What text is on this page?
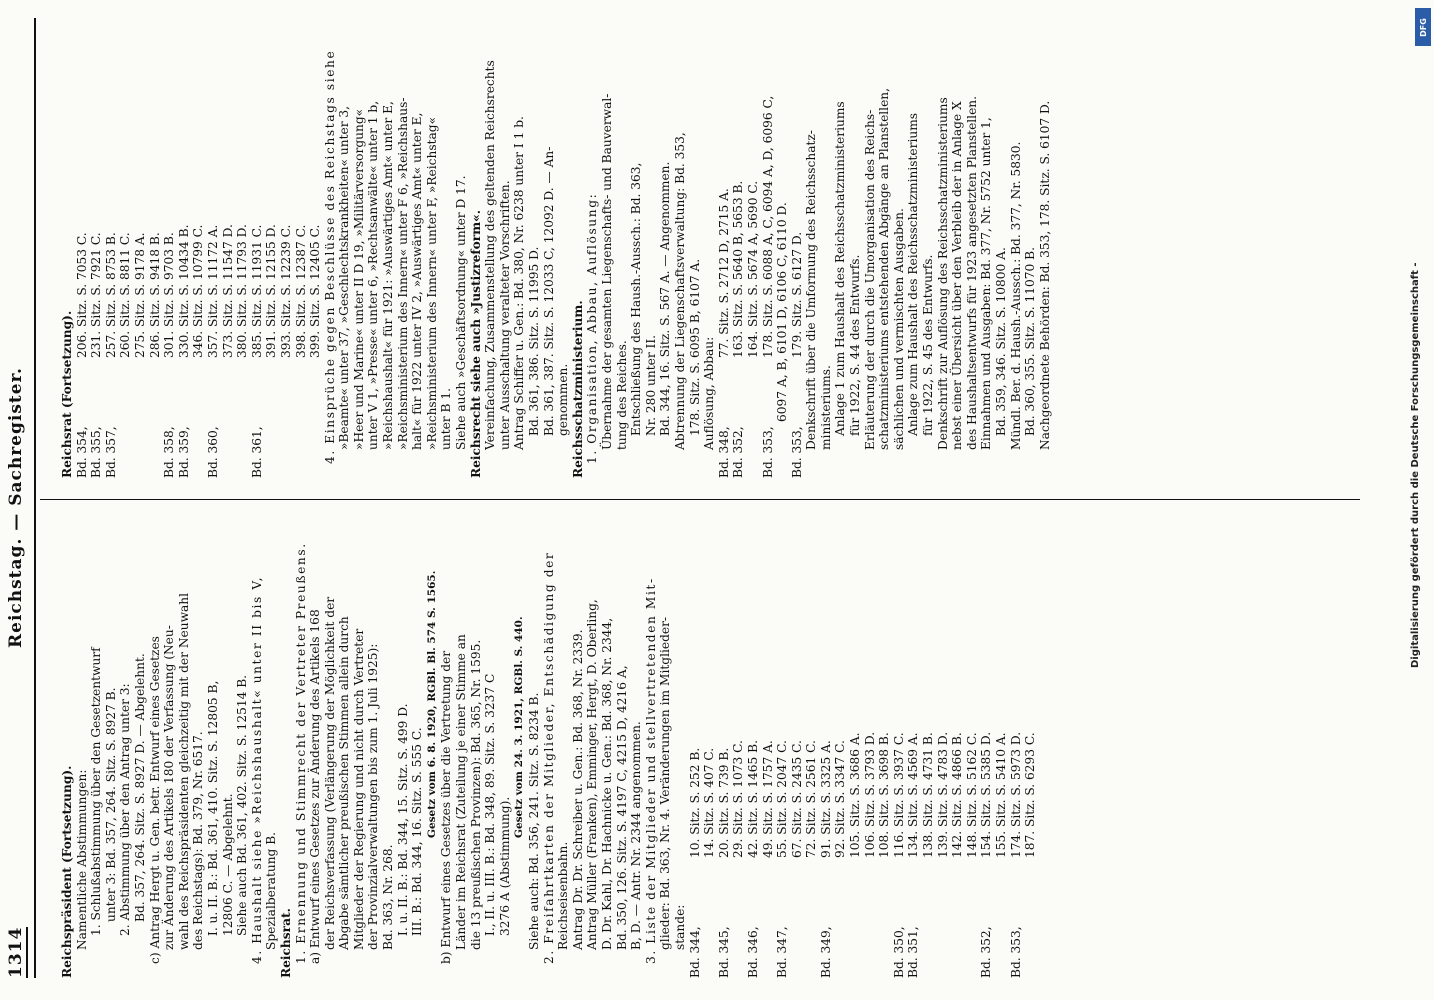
1314
Reichstag. — Sachregister.
Reichspräsident (Fortsetzung). Namentliche Abstimmungen: 1. Schlußabstimmung über den Gesetzentwurf unter 3: Bd. 357, 264. Sitz. S. 8927 B. 2. Abstimmung über den Antrag unter 3: Bd. 357, 264. Sitz. S. 8927 D. — Abgelehnt. c) Antrag Hergt u. Gen. betr. Entwurf eines Gesetzes zur Änderung des Artikels 180 der Verfassung (Neu- wahl des Reichspräsidenten gleichzeitig mit der Neuwahl des Reichstags): Bd. 379, Nr. 6517. I. u. II. B.: Bd. 361, 410. Sitz. S. 12805 B, 12806 C. — Abgelehnt. Siehe auch Bd. 361, 402. Sitz. S. 12514 B. 4. Haushalt siehe »Reichshaushalt« unter II bis V, Spezialberatung B. Reichsrat. 1. Ernennung und Stimmrecht der Vertreter Preußens. a) Entwurf eines Gesetzes zur Änderung des Artikels 168 der Reichsverfassung (Verlängerung der Möglichkeit der Abgabe sämtlicher preußischen Stimmen allein durch Mitglieder der Regierung und nicht durch Vertreter der Provinzialverwaltungen bis zum 1. Juli 1925): Bd. 363, Nr. 268. I. u. II. B.: Bd. 344, 15. Sitz. S. 499 D. III. B.: Bd. 344, 16. Sitz. S. 555 C. Gesetz vom 6. 8. 1920, RGBl. Bl. 574 S. 1565. b) Entwurf eines Gesetzes über die Vertretung der Länder im Reichsrat (Zuteilung je einer Stimme an die 13 preußischen Provinzen): Bd. 365, Nr. 1595. I., II. u. III. B.: Bd. 348, 89. Sitz. S. 3237 C 3276 A (Abstimmung).
Gesetz vom 24. 3. 1921, RGBl. S. 440. Siehe auch: Bd. 356, 241. Sitz. S. 8234 B. 2. Freifahrtkarten der Mitglieder, Entschädigung der Reichseisenbahn. Antrag Dr. Dr. Schreiber u. Gen.: Bd. 368, Nr. 2339. Antrag Müller (Franken), Emminger, Hergt, D. Oberling, D. Dr. Kahl, Dr. Hachnicke u. Gen.: Bd. 368, Nr. 2344, Bd. 350, 126. Sitz. S. 4197 C, 4215 D, 4216 A, B, D. — Antr. Nr. 2344 angenommen. 3. Liste der Mitglieder und stellvertretenden Mit- glieder: Bd. 363, Nr. 4. Veränderungen im Mitglieder- stande: Bd. 344,
10. Sitz. S. 252 B. 14. Sitz. S. 407 C.
Bd. 345,
20. Sitz. S. 739 B. 29. Sitz. S. 1073 C.
Bd. 346,
42. Sitz. S. 1465 B. 49. Sitz. S. 1757 A.
Bd. 347,
55. Sitz. S. 2047 C. 67. Sitz. S. 2435 C. 72. Sitz. S. 2561 C.
Bd. 349,
91. Sitz. S. 3325 A. 92. Sitz. S. 3347 C. 105. Sitz. S. 3686 A. 106. Sitz. S. 3793 D. 108. Sitz. S. 3698 B.
Bd. 350,
116. Sitz. S. 3937 C.
Bd. 351,
134. Sitz. S. 4569 A. 138. Sitz. S. 4731 B. 139. Sitz. S. 4783 D. 142. Sitz. S. 4866 B. 148. Sitz. S. 5162 C.
Bd. 352,
154. Sitz. S. 5385 D. 155. Sitz. S. 5410 A.
Bd. 353,
174. Sitz. S. 5973 D. 187. Sitz. S. 6293 C.
Reichsrat (Fortsetzung). Bd. 354,
206. Sitz. S. 7053 C.
Bd. 355,
231. Sitz. S. 7921 C.
Bd. 357,
257. Sitz. S. 8753 B. 260. Sitz. S. 8811 C. 275. Sitz. S. 9178 A. 286. Sitz. S. 9418 B.
Bd. 358,
301. Sitz. S. 9703 B.
Bd. 359,
330. Sitz. S. 10434 B. 346. Sitz. S. 10799 C.
Bd. 360,
357. Sitz. S. 11172 A. 373. Sitz. S. 11547 D. 380. Sitz. S. 11793 D.
Bd. 361,
385. Sitz. S. 11931 C. 391. Sitz. S. 12155 D. 393. Sitz. S. 12239 C. 398. Sitz. S. 12387 C. 399. Sitz. S. 12405 C. 4. Einsprüche gegen Beschlüsse des Reichstags siehe »Beamte« unter 37, »Geschlechtskrankheiten« unter 3, »Heer und Marine« unter II D 19, »Militärversorgung« unter V 1, »Presse« unter 6, »Rechtsanwälte« unter 1 b, »Reichshaushalt« für 1921: »Auswärtiges Amt« unter E, »Reichsministerium des Innern« unter F 6, »Reichshaus- halt« für 1922 unter IV 2, »Auswärtiges Amt« unter E, »Reichsministerium des Innern« unter F, »Reichstag« unter B 1. Siehe auch »Geschäftsordnung« unter D 17. Reichsrecht siehe auch »Justizreform«. Vereinfachung, Zusammenstellung des geltenden Reichsrechts unter Ausschaltung veralteter Vorschriften. Antrag Schiffer u. Gen.: Bd. 380, Nr. 6238 unter I 1 b. Bd. 361, 386. Sitz. S. 11995 D. Bd. 361, 387. Sitz. S. 12033 C, 12092 D. — An- genommen. Reichsschatzministerium. 1. Organisation, Abbau, Auflösung: Übernahme der gesamten Liegenschafts- und Bauverwal- tung des Reiches. Entschließung des Haush.-Aussch.: Bd. 363, Nr. 280 unter II. Bd. 344, 16. Sitz. S. 567 A. — Angenommen. Abtrennung der Liegenschaftsverwaltung: Bd. 353, 178. Sitz. S. 6095 B, 6107 A. Auflösung, Abbau:
Bd. 348,
77. Sitz. S. 2712 D, 2715 A.
Bd. 352,
163. Sitz. S. 5640 B, 5653 B. 164. Sitz. S. 5674 A, 5690 C.
Bd. 353,
178. Sitz. S. 6088 A, C, 6094 A, D, 6096 C, 6097 A, B, 6101 D, 6106 C, 6110 D.
Bd. 353,
179. Sitz. S. 6127 D. Denkschrift über die Umformung des Reichsschatz- ministeriums. Anlage 1 zum Haushalt des Reichsschatzministeriums für 1922, S. 44 des Entwurfs. Erläuterung der durch die Umorganisation des Reichs- schatzministeriums entstehenden Abgänge an Planstellen, sächlichen und vermischten Ausgaben. Anlage zum Haushalt des Reichsschatzministeriums für 1922, S. 45 des Entwurfs. Denkschrift zur Auflösung des Reichsschatzministeriums nebst einer Übersicht über den Verbleib der in Anlage X des Haushaltsentwurfs für 1923 angesetzten Planstellen. Einnahmen und Ausgaben: Bd. 377, Nr. 5752 unter 1, Bd. 359, 346. Sitz. S. 10800 A. Mündl. Ber. d. Haush.-Aussch.: Bd. 377, Nr. 5830. Bd. 360, 355. Sitz. S. 11070 B. Nachgeordnete Behörden: Bd. 353, 178. Sitz. S. 6107 D.
DFG
Digitalisierung gefördert durch die Deutsche Forschungsgemeinschaft -
